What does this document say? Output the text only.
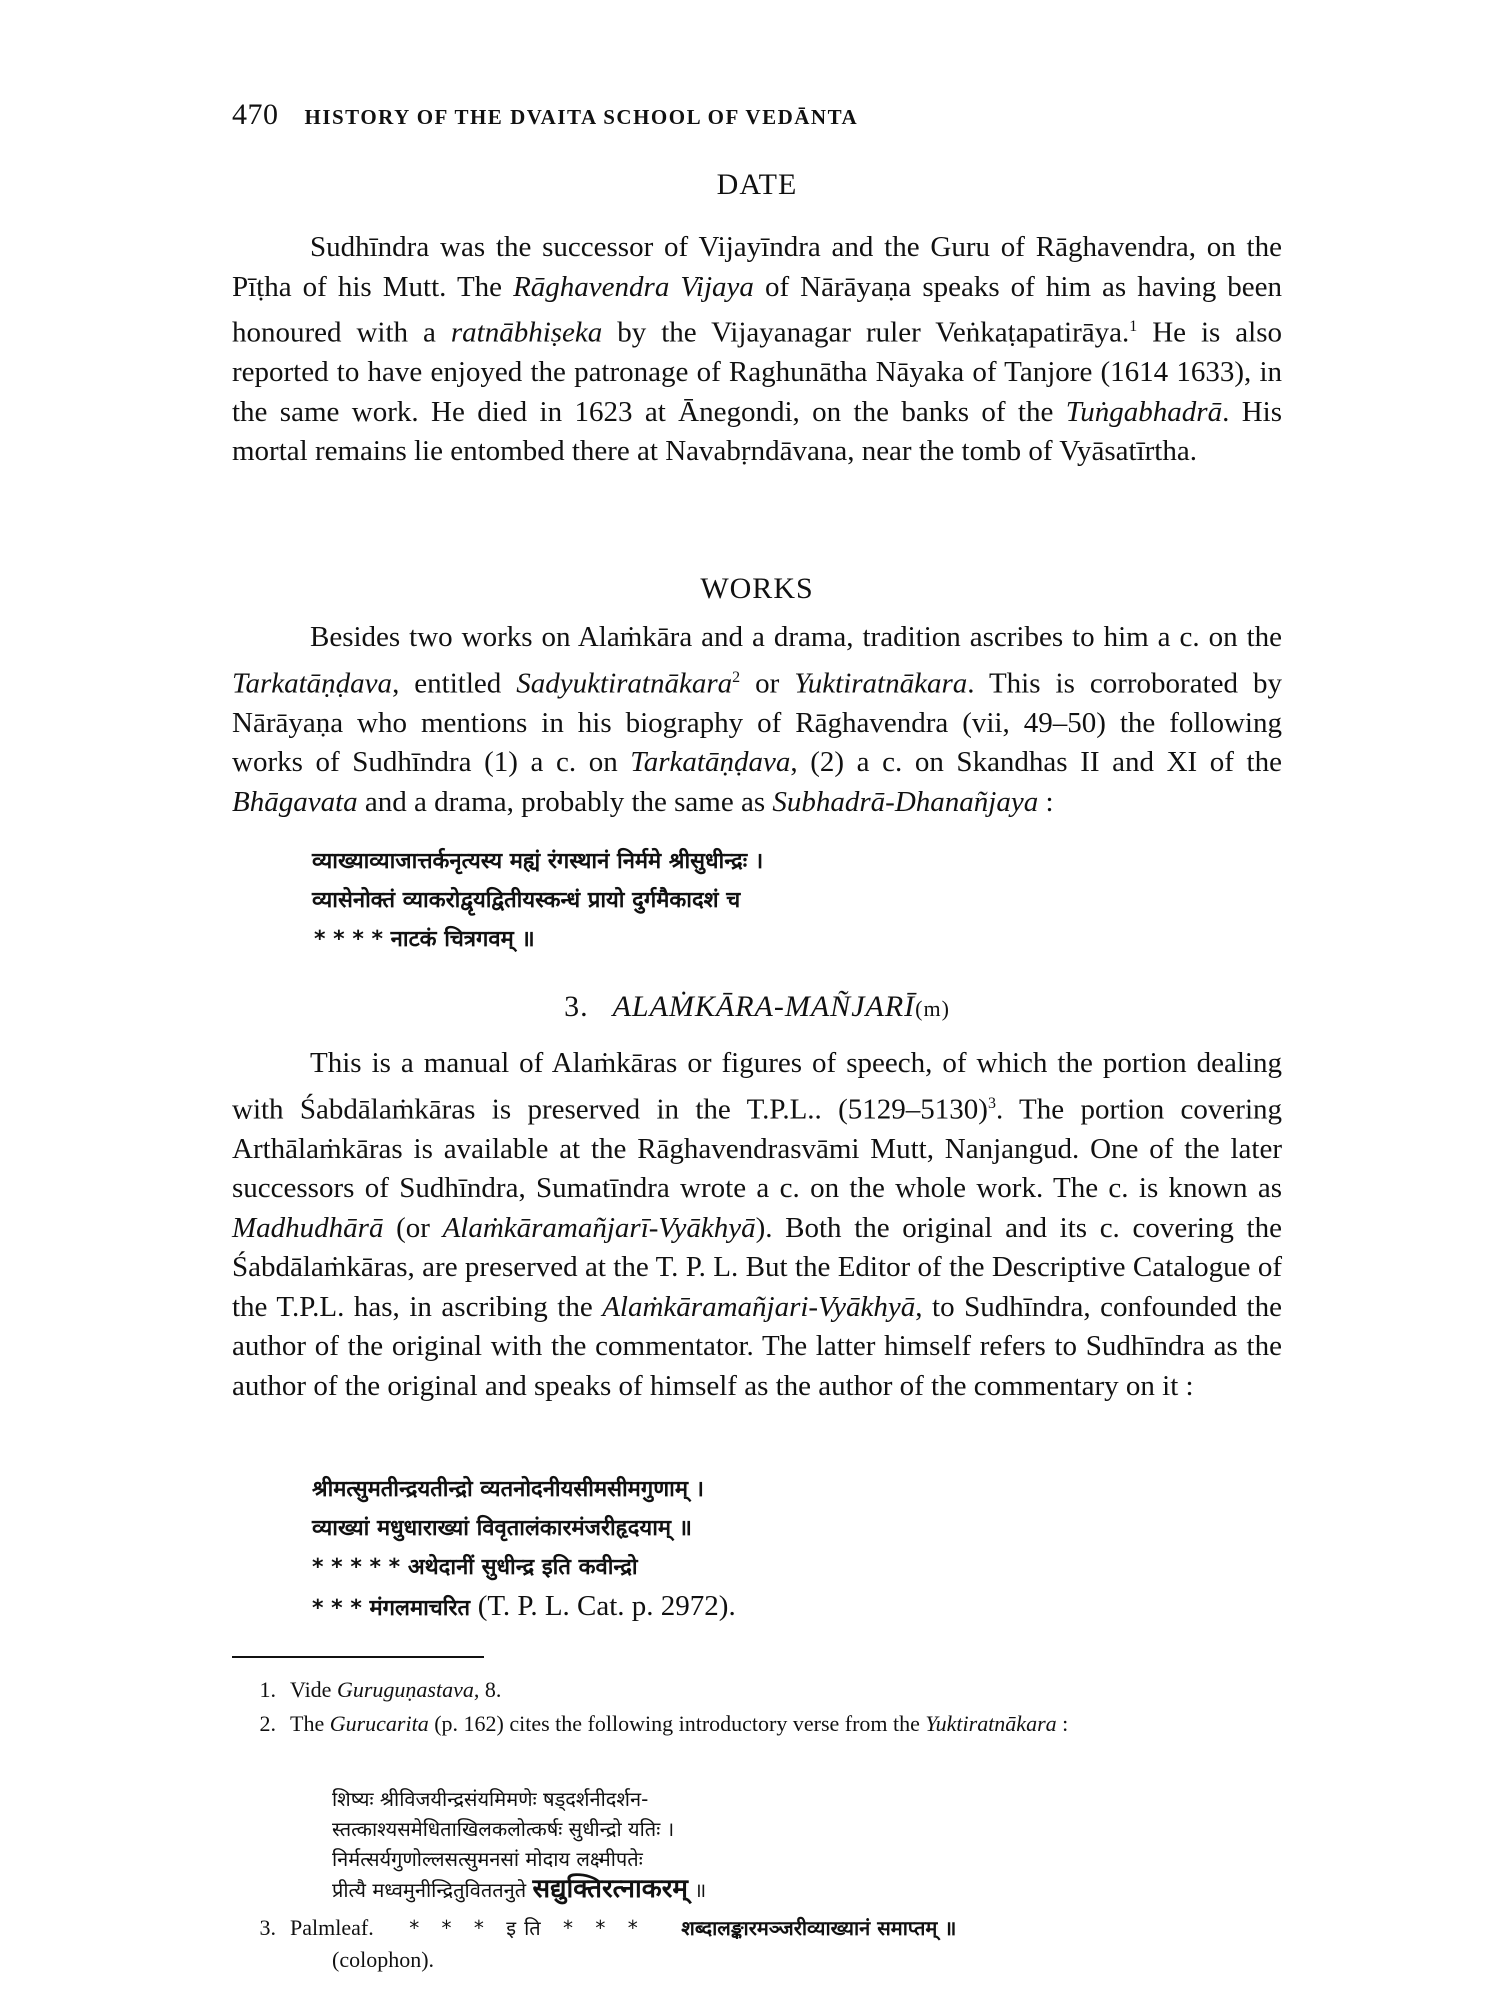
470 HISTORY OF THE DVAITA SCHOOL OF VEDĀNTA
DATE
Sudhīndra was the successor of Vijayīndra and the Guru of Rāghavendra, on the Pīṭha of his Mutt. The Rāghavendra Vijaya of Nārāyaṇa speaks of him as having been honoured with a ratnābhiṣeka by the Vijayanagar ruler Veṅkaṭapatirāya.$^1$ He is also reported to have enjoyed the patronage of Raghunātha Nāyaka of Tanjore (1614 1633), in the same work. He died in 1623 at Ānegondi, on the banks of the Tuṅgabhadrā. His mortal remains lie entombed there at Navabṛndāvana, near the tomb of Vyāsatīrtha.
WORKS
Besides two works on Alaṁkāra and a drama, tradition ascribes to him a c. on the Tarkatāṇḍava, entitled Sadyuktiratnākara$^2$ or Yuktiratnākara. This is corroborated by Nārāyaṇa who mentions in his biography of Rāghavendra (vii, 49–50) the following works of Sudhīndra (1) a c. on Tarkatāṇḍava, (2) a c. on Skandhas II and XI of the Bhāgavata and a drama, probably the same as Subhadrā-Dhanañjaya :
व्याख्याव्याजात्तर्कनृत्यस्य मह्यं रंगस्थानं निर्ममे श्रीसुधीन्द्रः ।
व्यासेनोक्तं व्याकरोद्वृयद्वितीयस्कन्धं प्रायो दुर्गमैकादशं च
* * * * नाटकं चित्रगवम् ॥
3. ALAṀKĀRA-MAÑJARĪ(m)
This is a manual of Alaṁkāras or figures of speech, of which the portion dealing with Śabdālaṁkāras is preserved in the T.P.L.. (5129–5130)$^3$. The portion covering Arthālaṁkāras is available at the Rāghavendrasvāmi Mutt, Nanjangud. One of the later successors of Sudhīndra, Sumatīndra wrote a c. on the whole work. The c. is known as Madhudhārā (or Alaṁkāramañjarī-Vyākhyā). Both the original and its c. covering the Śabdālaṁkāras, are preserved at the T. P. L. But the Editor of the Descriptive Catalogue of the T.P.L. has, in ascribing the Alaṁkāramañjari-Vyākhyā, to Sudhīndra, confounded the author of the original with the commentator. The latter himself refers to Sudhīndra as the author of the original and speaks of himself as the author of the commentary on it :
श्रीमत्सुमतीन्द्रयतीन्द्रो व्यतनोदनीयसीमसीमगुणाम् ।
व्याख्यां मधुधाराख्यां विवृतालंकारमंजरीहृदयाम् ॥
* * * * * अथेदानीं सुधीन्द्र इति कवीन्द्रो
* * * मंगलमाचरित (T. P. L. Cat. p. 2972).
1. Vide Guruguṇastava, 8.
2. The Gurucarita (p. 162) cites the following introductory verse from the Yuktiratnākara :
शिष्यः श्रीविजयीन्द्रसंयमिमणेः षड्दर्शनीदर्शन-
स्तत्काश्यसमेधिताखिलकलोत्कर्षः सुधीन्द्रो यतिः ।
निर्मत्सर्यगुणोल्लसत्सुमनसां मोदाय लक्ष्मीपतेः
प्रीत्यै मध्वमुनीन्द्रितुविततनुते सद्युक्तिरत्नाकरम् ॥
3. Palmleaf. * * * इति * * * शब्दालङ्कारमञ्जरीव्याख्यानं समाप्तम् ॥
(colophon).
